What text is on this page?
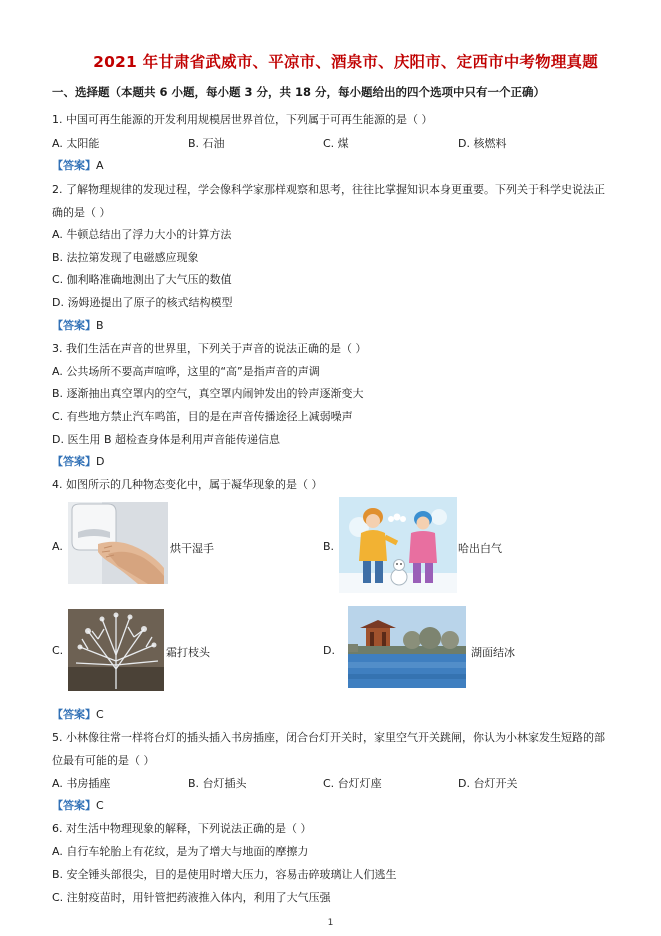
2021 年甘肃省武威市、平凉市、酒泉市、庆阳市、定西市中考物理真题
一、选择题（本题共 6 小题，每小题 3 分，共 18 分，每小题给出的四个选项中只有一个正确）
1. 中国可再生能源的开发利用规模居世界首位，下列属于可再生能源的是（ ）
A. 太阳能	B. 石油	C. 煤	D. 核燃料
【答案】A
2. 了解物理规律的发现过程，学会像科学家那样观察和思考，往往比掌握知识本身更重要。下列关于科学史说法正
确的是（ ）
A. 牛顿总结出了浮力大小的计算方法
B. 法拉第发现了电磁感应现象
C. 伽利略准确地测出了大气压的数值
D. 汤姆逊提出了原子的核式结构模型
【答案】B
3. 我们生活在声音的世界里，下列关于声音的说法正确的是（ ）
A. 公共场所不要高声喧哗，这里的“高”是指声音的声调
B. 逐渐抽出真空罩内的空气，真空罩内闹钟发出的铃声逐渐变大
C. 有些地方禁止汽车鸣笛，目的是在声音传播途径上减弱噪声
D. 医生用 B 超检查身体是利用声音能传递信息
【答案】D
4. 如图所示的几种物态变化中，属于凝华现象的是（ ）
A.	烘干湿手	B.	哈出白气
C.	霜打枝头	D.	湖面结冰
【答案】C
5. 小林像往常一样将台灯的插头插入书房插座，闭合台灯开关时，家里空气开关跳闸，你认为小林家发生短路的部
位最有可能的是（ ）
A. 书房插座	B. 台灯插头	C. 台灯灯座	D. 台灯开关
【答案】C
6. 对生活中物理现象的解释，下列说法正确的是（ ）
A. 自行车轮胎上有花纹，是为了增大与地面的摩擦力
B. 安全锤头部很尖，目的是使用时增大压力，容易击碎玻璃让人们逃生
C. 注射疫苗时，用针管把药液推入体内，利用了大气压强
1
